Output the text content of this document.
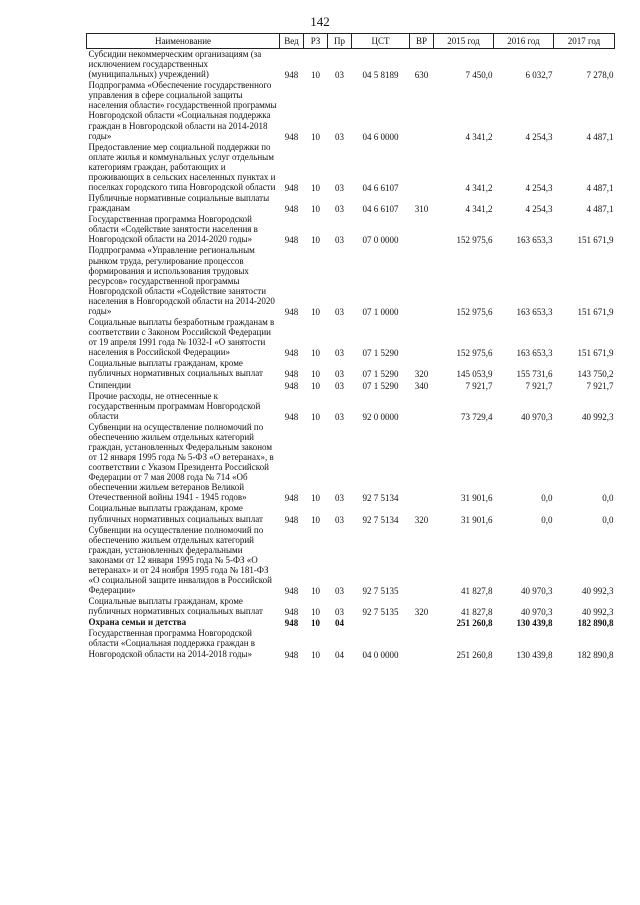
142
Наименование	Вед	РЗ	Пр	ЦСТ	ВР	2015 год	2016 год	2017 год
Субсидии некоммерческим организациям (за исключением государственных (муниципальных) учреждений)	948	10	03	04 5 8189	630	7 450,0	6 032,7	7 278,0
Подпрограмма «Обеспечение государственного управления в сфере социальной защиты населения области» государственной программы Новгородской области «Социальная поддержка граждан в Новгородской области на 2014-2018 годы»	948	10	03	04 6 0000		4 341,2	4 254,3	4 487,1
Предоставление мер социальной поддержки по оплате жилья и коммунальных услуг отдельным категориям граждан, работающих и проживающих в сельских населенных пунктах и поселках городского типа Новгородской области	948	10	03	04 6 6107		4 341,2	4 254,3	4 487,1
Публичные нормативные социальные выплаты гражданам	948	10	03	04 6 6107	310	4 341,2	4 254,3	4 487,1
Государственная программа Новгородской области «Содействие занятости населения в Новгородской области на 2014-2020 годы»	948	10	03	07 0 0000		152 975,6	163 653,3	151 671,9
Подпрограмма «Управление региональным рынком труда, регулирование процессов формирования и использования трудовых ресурсов» государственной программы Новгородской области «Содействие занятости населения в Новгородской области на 2014-2020 годы»	948	10	03	07 1 0000		152 975,6	163 653,3	151 671,9
Социальные выплаты безработным гражданам в соответствии с Законом Российской Федерации от 19 апреля 1991 года № 1032-I «О занятости населения в Российской Федерации»	948	10	03	07 1 5290		152 975,6	163 653,3	151 671,9
Социальные выплаты гражданам, кроме публичных нормативных социальных выплат	948	10	03	07 1 5290	320	145 053,9	155 731,6	143 750,2
Стипендии	948	10	03	07 1 5290	340	7 921,7	7 921,7	7 921,7
Прочие расходы, не отнесенные к государственным программам Новгородской области	948	10	03	92 0 0000		73 729,4	40 970,3	40 992,3
Субвенции на осуществление полномочий по обеспечению жильем отдельных категорий граждан, установленных Федеральным законом от 12 января 1995 года № 5-ФЗ «О ветеранах», в соответствии с Указом Президента Российской Федерации от 7 мая 2008 года № 714 «Об обеспечении жильем ветеранов Великой Отечественной войны 1941 - 1945 годов»	948	10	03	92 7 5134		31 901,6	0,0	0,0
Социальные выплаты гражданам, кроме публичных нормативных социальных выплат	948	10	03	92 7 5134	320	31 901,6	0,0	0,0
Субвенции на осуществление полномочий по обеспечению жильем отдельных категорий граждан, установленных федеральными законами от 12 января 1995 года № 5-ФЗ «О ветеранах» и от 24 ноября 1995 года № 181-ФЗ «О социальной защите инвалидов в Российской Федерации»	948	10	03	92 7 5135		41 827,8	40 970,3	40 992,3
Социальные выплаты гражданам, кроме публичных нормативных социальных выплат	948	10	03	92 7 5135	320	41 827,8	40 970,3	40 992,3
Охрана семьи и детства	948	10	04			251 260,8	130 439,8	182 890,8
Государственная программа Новгородской области «Социальная поддержка граждан в Новгородской области на 2014-2018 годы»	948	10	04	04 0 0000		251 260,8	130 439,8	182 890,8
